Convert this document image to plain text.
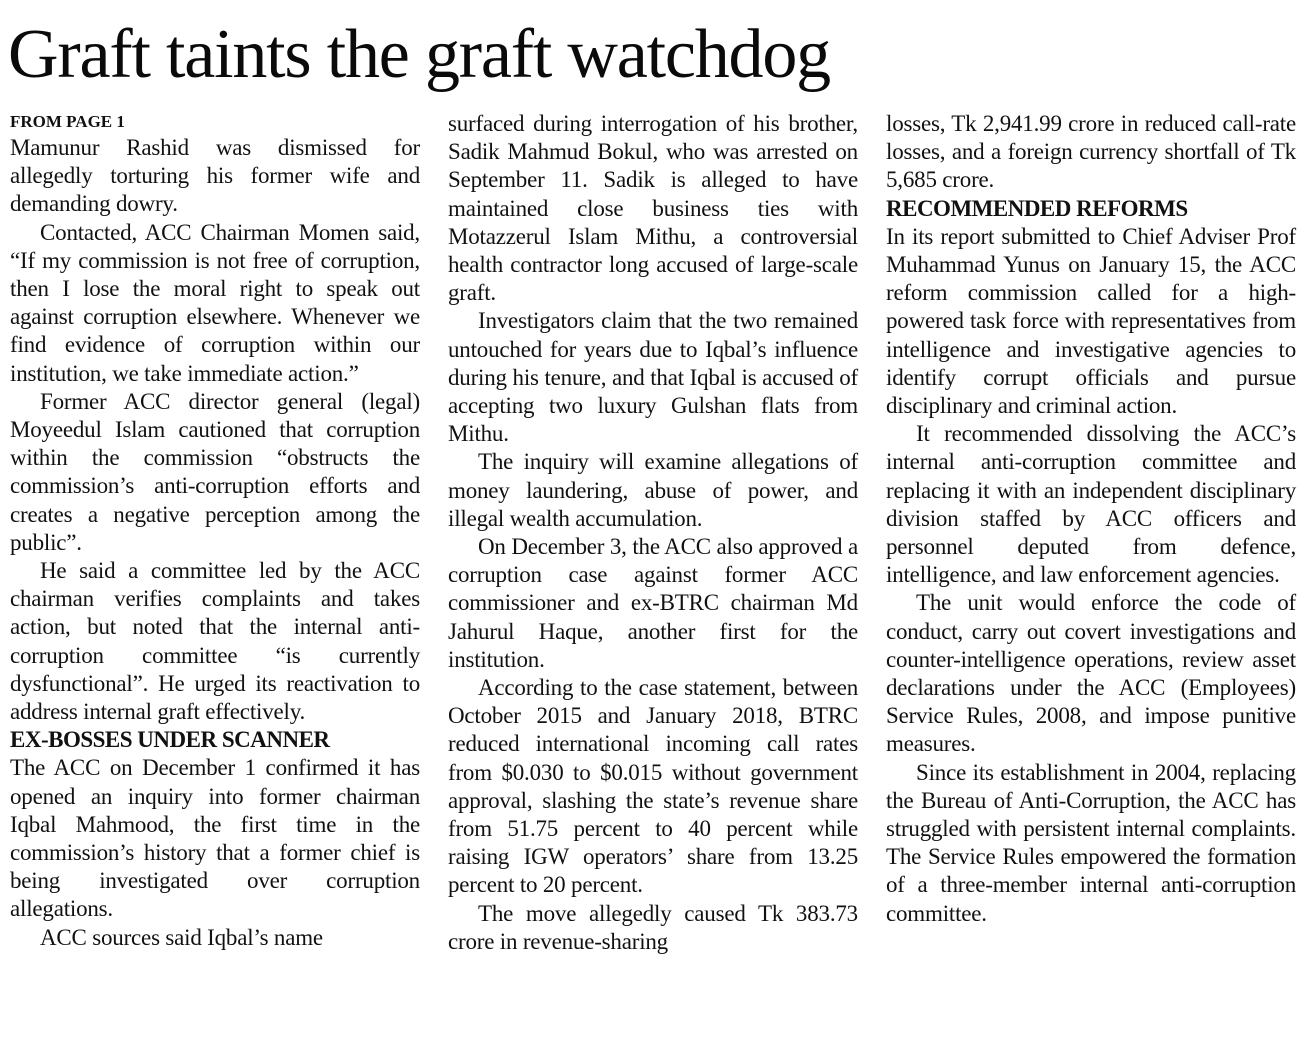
Graft taints the graft watchdog
FROM PAGE 1

Mamunur Rashid was dismissed for allegedly torturing his former wife and demanding dowry.

Contacted, ACC Chairman Momen said, “If my commission is not free of corruption, then I lose the moral right to speak out against corruption elsewhere. Whenever we find evidence of corruption within our institution, we take immediate action.”

Former ACC director general (legal) Moyeedul Islam cautioned that corruption within the commission “obstructs the commission’s anti-corruption efforts and creates a negative perception among the public”.

He said a committee led by the ACC chairman verifies complaints and takes action, but noted that the internal anti-corruption committee “is currently dysfunctional”. He urged its reactivation to address internal graft effectively.

EX-BOSSES UNDER SCANNER

The ACC on December 1 confirmed it has opened an inquiry into former chairman Iqbal Mahmood, the first time in the commission’s history that a former chief is being investigated over corruption allegations.

ACC sources said Iqbal’s name

surfaced during interrogation of his brother, Sadik Mahmud Bokul, who was arrested on September 11. Sadik is alleged to have maintained close business ties with Motazzerul Islam Mithu, a controversial health contractor long accused of large-scale graft.

Investigators claim that the two remained untouched for years due to Iqbal’s influence during his tenure, and that Iqbal is accused of accepting two luxury Gulshan flats from Mithu.

The inquiry will examine allegations of money laundering, abuse of power, and illegal wealth accumulation.

On December 3, the ACC also approved a corruption case against former ACC commissioner and ex-BTRC chairman Md Jahurul Haque, another first for the institution.

According to the case statement, between October 2015 and January 2018, BTRC reduced international incoming call rates from $0.030 to $0.015 without government approval, slashing the state’s revenue share from 51.75 percent to 40 percent while raising IGW operators’ share from 13.25 percent to 20 percent.

The move allegedly caused Tk 383.73 crore in revenue-sharing

losses, Tk 2,941.99 crore in reduced call-rate losses, and a foreign currency shortfall of Tk 5,685 crore.

RECOMMENDED REFORMS

In its report submitted to Chief Adviser Prof Muhammad Yunus on January 15, the ACC reform commission called for a high-powered task force with representatives from intelligence and investigative agencies to identify corrupt officials and pursue disciplinary and criminal action.

It recommended dissolving the ACC’s internal anti-corruption committee and replacing it with an independent disciplinary division staffed by ACC officers and personnel deputed from defence, intelligence, and law enforcement agencies.

The unit would enforce the code of conduct, carry out covert investigations and counter-intelligence operations, review asset declarations under the ACC (Employees) Service Rules, 2008, and impose punitive measures.

Since its establishment in 2004, replacing the Bureau of Anti-Corruption, the ACC has struggled with persistent internal complaints. The Service Rules empowered the formation of a three-member internal anti-corruption committee.
